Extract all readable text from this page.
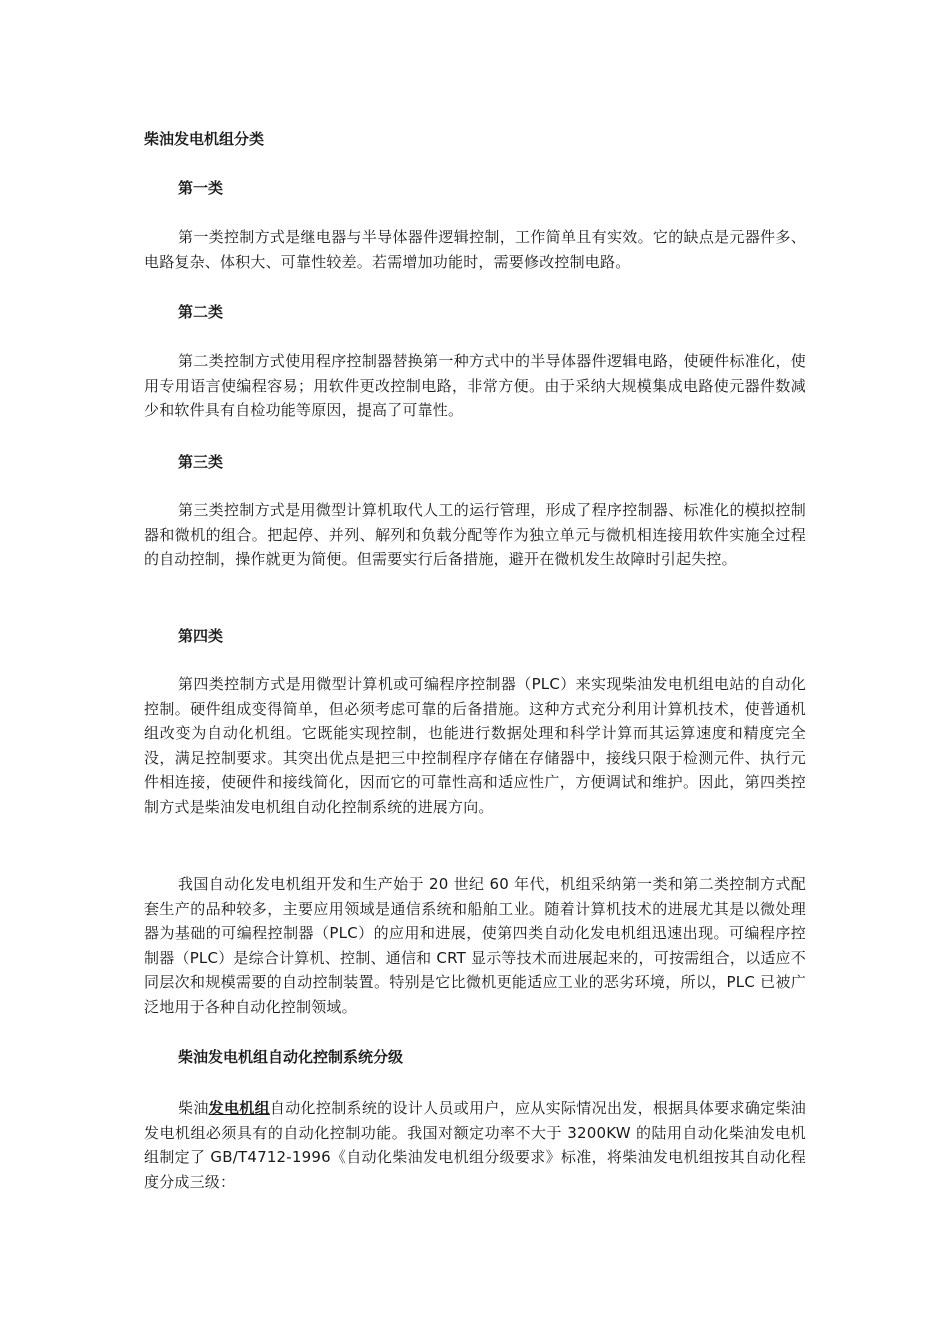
柴油发电机组分类
第一类
第一类控制方式是继电器与半导体器件逻辑控制，工作简单且有实效。它的缺点是元器件多、电路复杂、体积大、可靠性较差。若需增加功能时，需要修改控制电路。
第二类
第二类控制方式使用程序控制器替换第一种方式中的半导体器件逻辑电路，使硬件标准化，使用专用语言使编程容易；用软件更改控制电路，非常方便。由于采纳大规模集成电路使元器件数减少和软件具有自检功能等原因，提高了可靠性。
第三类
第三类控制方式是用微型计算机取代人工的运行管理，形成了程序控制器、标准化的模拟控制器和微机的组合。把起停、并列、解列和负载分配等作为独立单元与微机相连接用软件实施全过程的自动控制，操作就更为简便。但需要实行后备措施，避开在微机发生故障时引起失控。
第四类
第四类控制方式是用微型计算机或可编程序控制器（PLC）来实现柴油发电机组电站的自动化控制。硬件组成变得简单，但必须考虑可靠的后备措施。这种方式充分利用计算机技术，使普通机组改变为自动化机组。它既能实现控制，也能进行数据处理和科学计算而其运算速度和精度完全没，满足控制要求。其突出优点是把三中控制程序存储在存储器中，接线只限于检测元件、执行元件相连接，使硬件和接线简化，因而它的可靠性高和适应性广，方便调试和维护。因此，第四类控制方式是柴油发电机组自动化控制系统的进展方向。
我国自动化发电机组开发和生产始于 20 世纪 60 年代，机组采纳第一类和第二类控制方式配套生产的品种较多，主要应用领域是通信系统和船舶工业。随着计算机技术的进展尤其是以微处理器为基础的可编程控制器（PLC）的应用和进展，使第四类自动化发电机组迅速出现。可编程序控制器（PLC）是综合计算机、控制、通信和 CRT 显示等技术而进展起来的，可按需组合，以适应不同层次和规模需要的自动控制装置。特别是它比微机更能适应工业的恶劣环境，所以，PLC 已被广泛地用于各种自动化控制领域。
柴油发电机组自动化控制系统分级
柴油发电机组自动化控制系统的设计人员或用户，应从实际情况出发，根据具体要求确定柴油发电机组必须具有的自动化控制功能。我国对额定功率不大于 3200KW 的陆用自动化柴油发电机组制定了 GB/T4712-1996《自动化柴油发电机组分级要求》标准，将柴油发电机组按其自动化程度分成三级：
